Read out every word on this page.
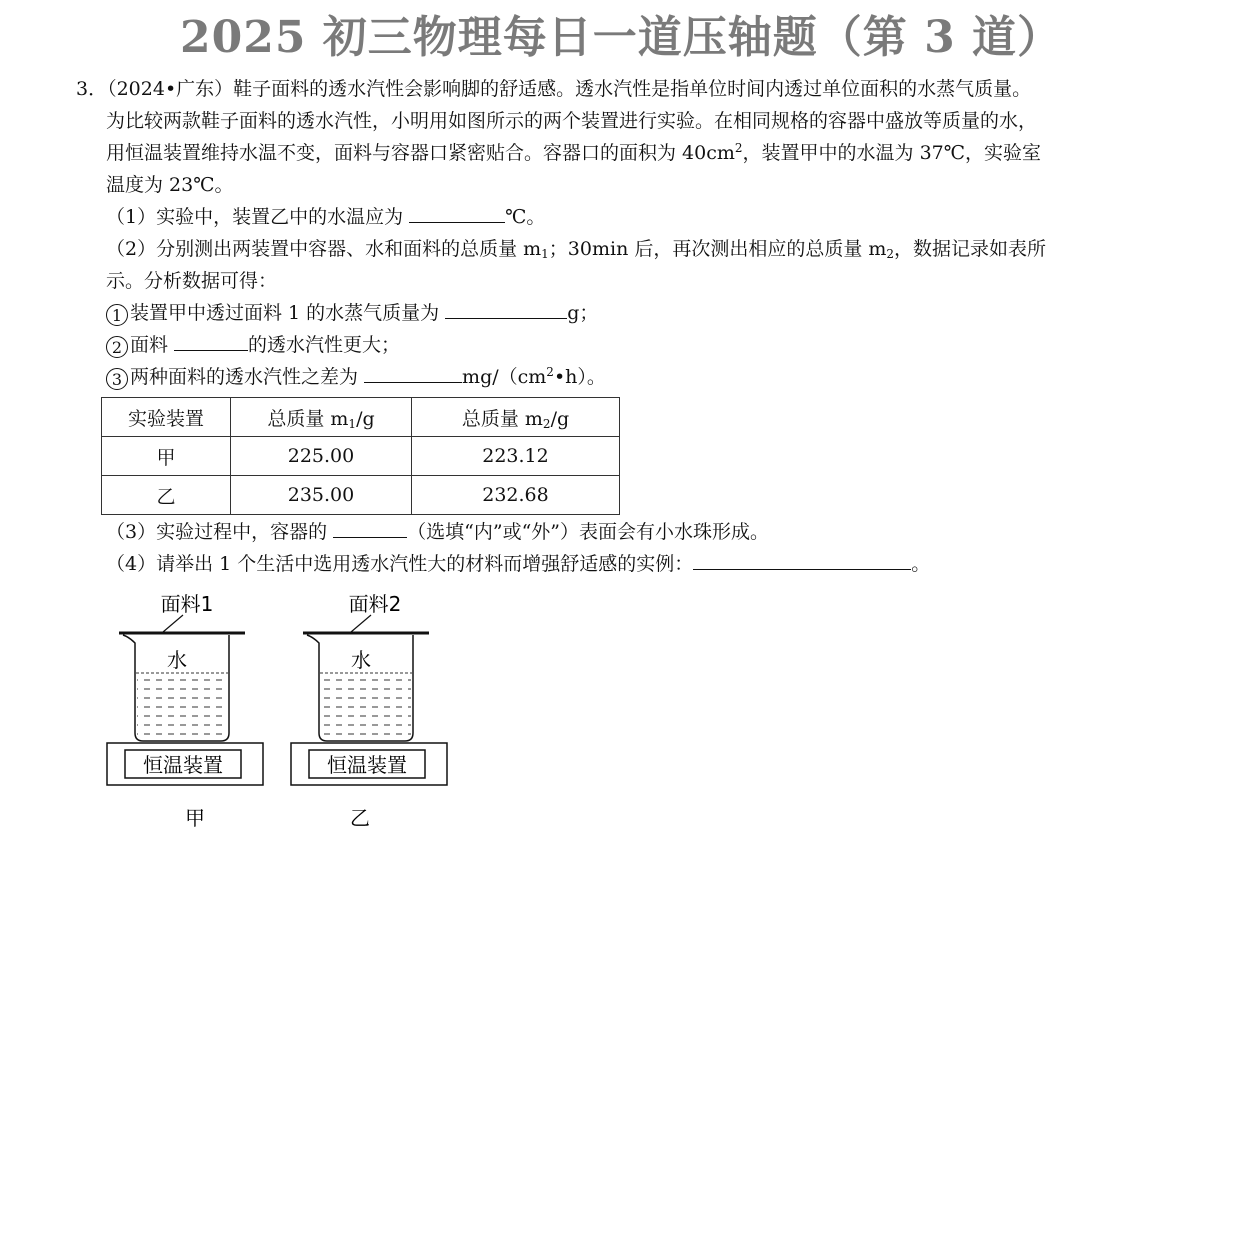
2025 初三物理每日一道压轴题（第 3 道）
3．（2024•广东）鞋子面料的透水汽性会影响脚的舒适感。透水汽性是指单位时间内透过单位面积的水蒸气质量。
为比较两款鞋子面料的透水汽性，小明用如图所示的两个装置进行实验。在相同规格的容器中盛放等质量的水，
用恒温装置维持水温不变，面料与容器口紧密贴合。容器口的面积为 $40cm^2$，装置甲中的水温为 37℃，实验室
温度为 23℃。
（1）实验中，装置乙中的水温应为	℃。
（2）分别测出两装置中容器、水和面料的总质量 $m_1$；30min 后，再次测出相应的总质量 $m_2$，数据记录如表所
示。分析数据可得：
1 装置甲中透过面料 1 的水蒸气质量为	g；
2 面料	的透水汽性更大；
3 两种面料的透水汽性之差为	$mg/(cm^2•h)$。
实验装置	总质量 $m_1/g$	总质量 $m_2/g$
甲	225.00	223.12
乙	235.00	232.68
（3）实验过程中，容器的	（选填“内”或“外”）表面会有小水珠形成。
（4）请举出 1 个生活中选用透水汽性大的材料而增强舒适感的实例：	。
面料1
水
恒温装置
甲
面料2
水
恒温装置
乙
